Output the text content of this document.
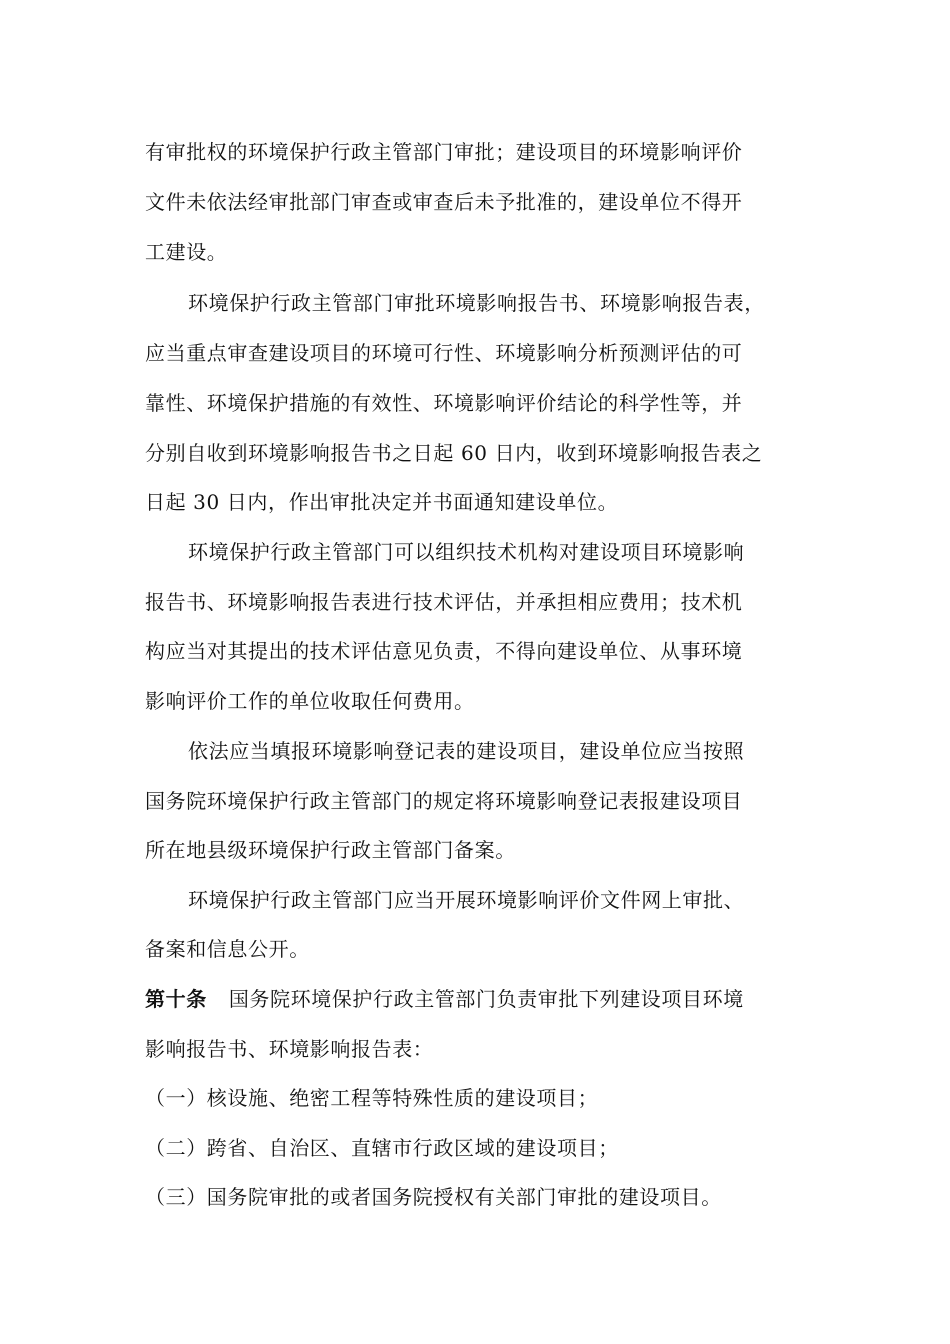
有审批权的环境保护行政主管部门审批；建设项目的环境影响评价
文件未依法经审批部门审查或审查后未予批准的，建设单位不得开
工建设。
环境保护行政主管部门审批环境影响报告书、环境影响报告表，
应当重点审查建设项目的环境可行性、环境影响分析预测评估的可
靠性、环境保护措施的有效性、环境影响评价结论的科学性等，并
分别自收到环境影响报告书之日起 60 日内，收到环境影响报告表之
日起 30 日内，作出审批决定并书面通知建设单位。
环境保护行政主管部门可以组织技术机构对建设项目环境影响
报告书、环境影响报告表进行技术评估，并承担相应费用；技术机
构应当对其提出的技术评估意见负责，不得向建设单位、从事环境
影响评价工作的单位收取任何费用。
依法应当填报环境影响登记表的建设项目，建设单位应当按照
国务院环境保护行政主管部门的规定将环境影响登记表报建设项目
所在地县级环境保护行政主管部门备案。
环境保护行政主管部门应当开展环境影响评价文件网上审批、
备案和信息公开。
第十条 国务院环境保护行政主管部门负责审批下列建设项目环境
影响报告书、环境影响报告表：
（一）核设施、绝密工程等特殊性质的建设项目；
（二）跨省、自治区、直辖市行政区域的建设项目；
（三）国务院审批的或者国务院授权有关部门审批的建设项目。
